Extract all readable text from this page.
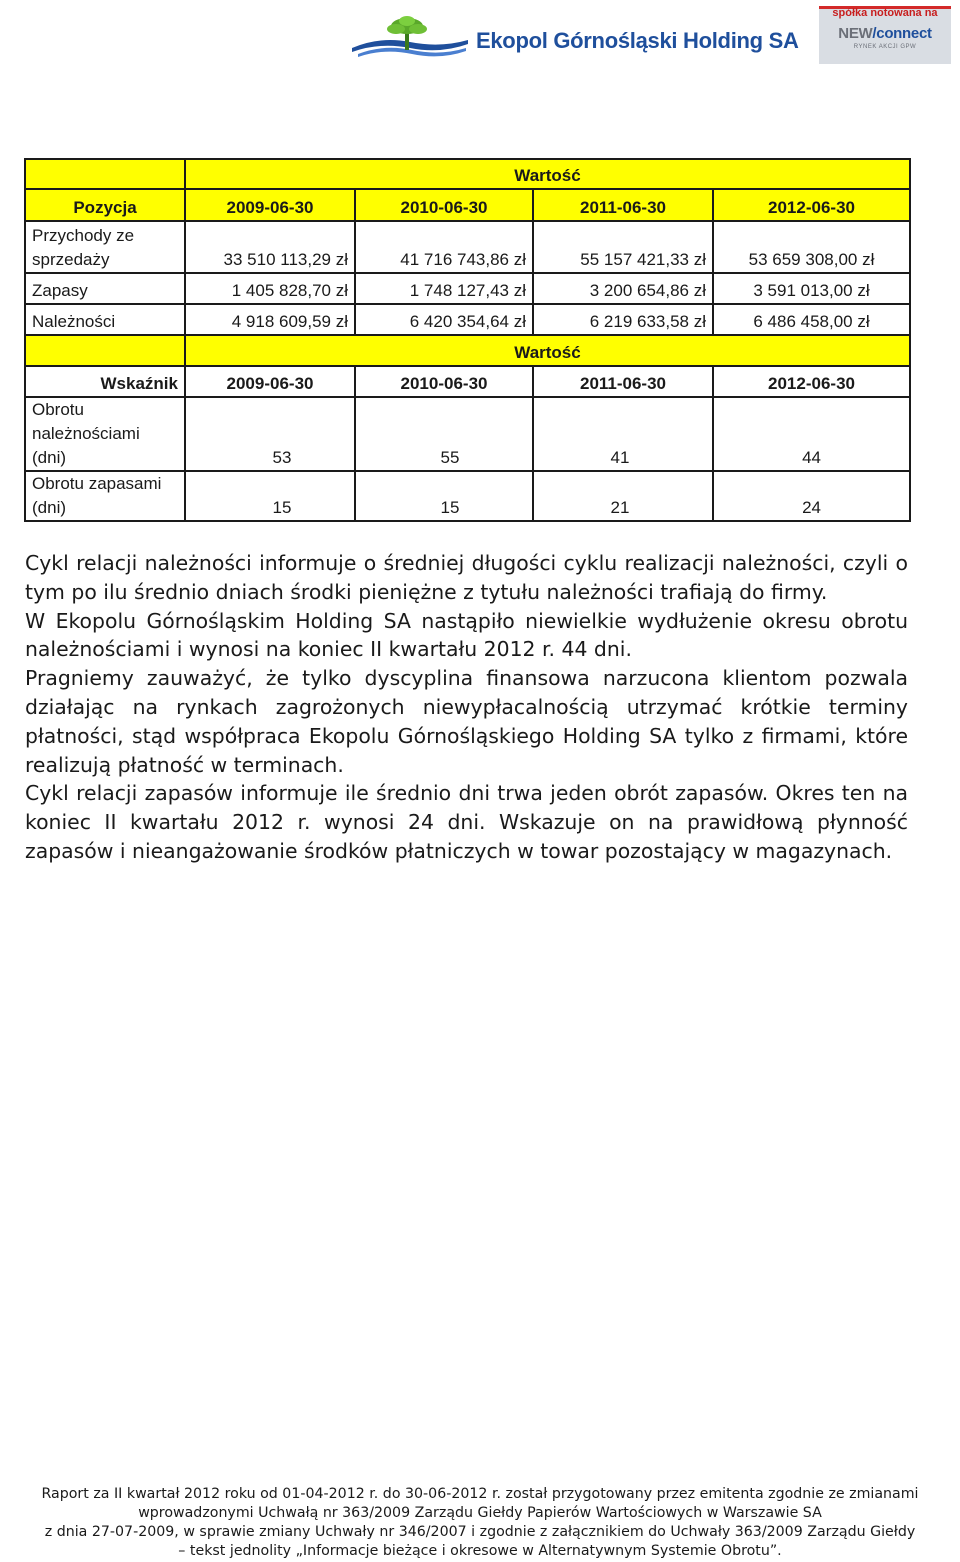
Ekopol Górnośląski Holding SA
spółka notowana na
NEW/connect
RYNEK AKCJI GPW
	Wartość			
Pozycja	2009-06-30	2010-06-30	2011-06-30	2012-06-30
Przychody ze sprzedaży	33 510 113,29 zł	41 716 743,86 zł	55 157 421,33 zł	53 659 308,00 zł
Zapasy	1 405 828,70 zł	1 748 127,43 zł	3 200 654,86 zł	3 591 013,00 zł
Należności	4 918 609,59 zł	6 420 354,64 zł	6 219 633,58 zł	6 486 458,00 zł
	Wartość			
Wskaźnik	2009-06-30	2010-06-30	2011-06-30	2012-06-30
Obrotu należnościami (dni)	53	55	41	44
Obrotu zapasami (dni)	15	15	21	24

Cykl relacji należności informuje o średniej długości cyklu realizacji należności, czyli o tym po ilu średnio dniach środki pieniężne z tytułu należności trafiają do firmy.

W Ekopolu Górnośląskim Holding SA nastąpiło niewielkie wydłużenie okresu obrotu należnościami i wynosi na koniec II kwartału 2012 r. 44 dni.

Pragniemy zauważyć, że tylko dyscyplina finansowa narzucona klientom pozwala działając na rynkach zagrożonych niewypłacalnością utrzymać krótkie terminy płatności, stąd współpraca Ekopolu Górnośląskiego Holding SA tylko z firmami, które realizują płatność w terminach.

Cykl relacji zapasów informuje ile średnio dni trwa jeden obrót zapasów. Okres ten na koniec II kwartału 2012 r. wynosi 24 dni. Wskazuje on na prawidłową płynność zapasów i nieangażowanie środków płatniczych w towar pozostający w magazynach.

Raport za II kwartał 2012 roku od 01-04-2012 r. do 30-06-2012 r. został przygotowany przez emitenta zgodnie ze zmianami
wprowadzonymi Uchwałą nr 363/2009 Zarządu Giełdy Papierów Wartościowych w Warszawie SA
z dnia 27-07-2009, w sprawie zmiany Uchwały nr 346/2007 i zgodnie z załącznikiem do Uchwały 363/2009 Zarządu Giełdy
– tekst jednolity „Informacje bieżące i okresowe w Alternatywnym Systemie Obrotu”.
